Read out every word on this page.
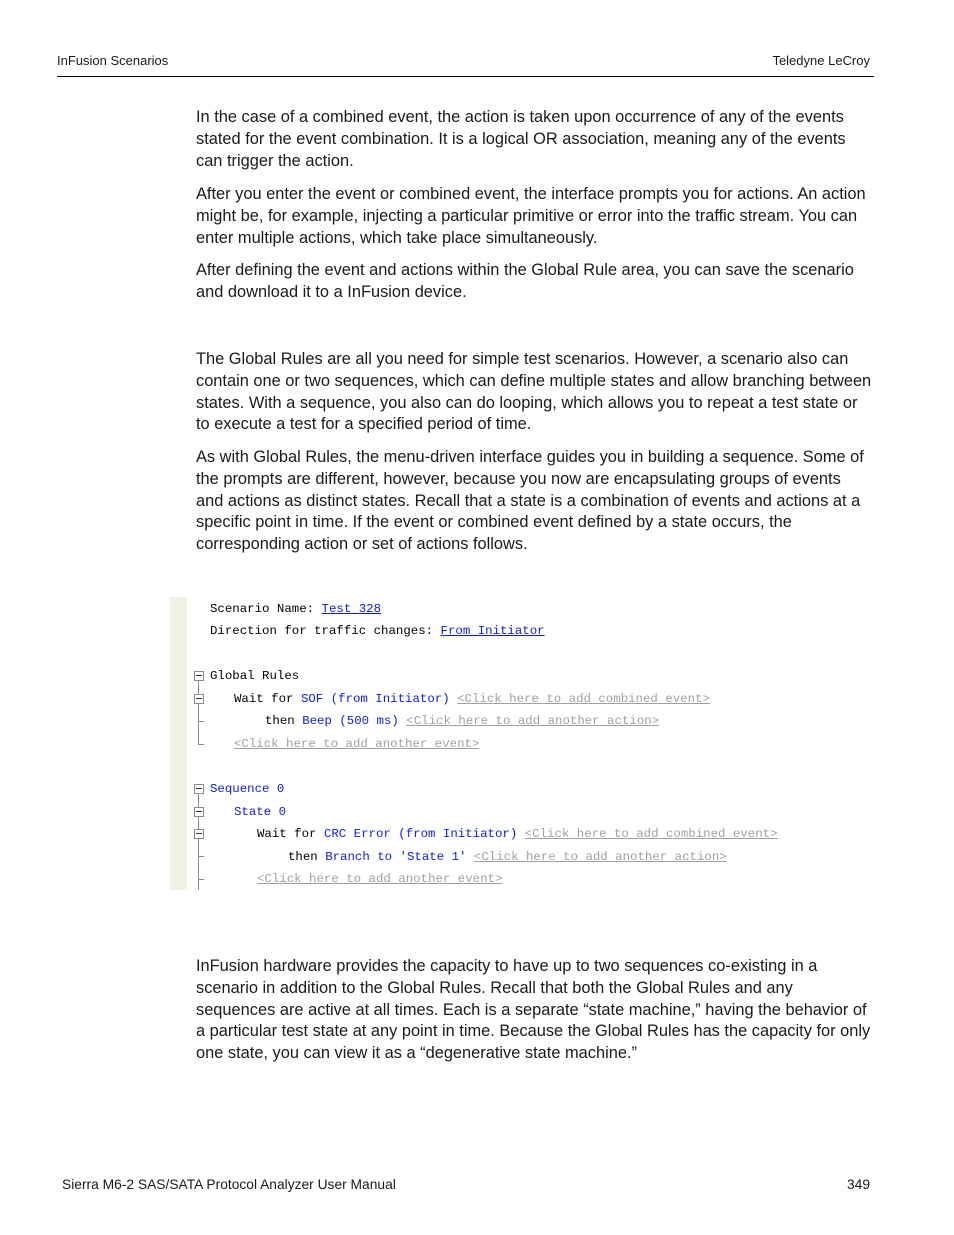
InFusion Scenarios	Teledyne LeCroy

In the case of a combined event, the action is taken upon occurrence of any of the events stated for the event combination. It is a logical OR association, meaning any of the events can trigger the action.

After you enter the event or combined event, the interface prompts you for actions. An action might be, for example, injecting a particular primitive or error into the traffic stream. You can enter multiple actions, which take place simultaneously.

After defining the event and actions within the Global Rule area, you can save the scenario and download it to a InFusion device.

The Global Rules are all you need for simple test scenarios. However, a scenario also can contain one or two sequences, which can define multiple states and allow branching between states. With a sequence, you also can do looping, which allows you to repeat a test state or to execute a test for a specified period of time.

As with Global Rules, the menu-driven interface guides you in building a sequence. Some of the prompts are different, however, because you now are encapsulating groups of events and actions as distinct states. Recall that a state is a combination of events and actions at a specific point in time. If the event or combined event defined by a state occurs, the corresponding action or set of actions follows.

Scenario Name: Test 328
Direction for traffic changes: From Initiator
Global Rules
Wait for SOF (from Initiator) <Click here to add combined event>
then Beep (500 ms) <Click here to add another action>
<Click here to add another event>
Sequence 0
State 0
Wait for CRC Error (from Initiator) <Click here to add combined event>
then Branch to 'State 1' <Click here to add another action>
<Click here to add another event>

InFusion hardware provides the capacity to have up to two sequences co-existing in a scenario in addition to the Global Rules. Recall that both the Global Rules and any sequences are active at all times. Each is a separate “state machine,” having the behavior of a particular test state at any point in time. Because the Global Rules has the capacity for only one state, you can view it as a “degenerative state machine.”

Sierra M6-2 SAS/SATA Protocol Analyzer User Manual	349
